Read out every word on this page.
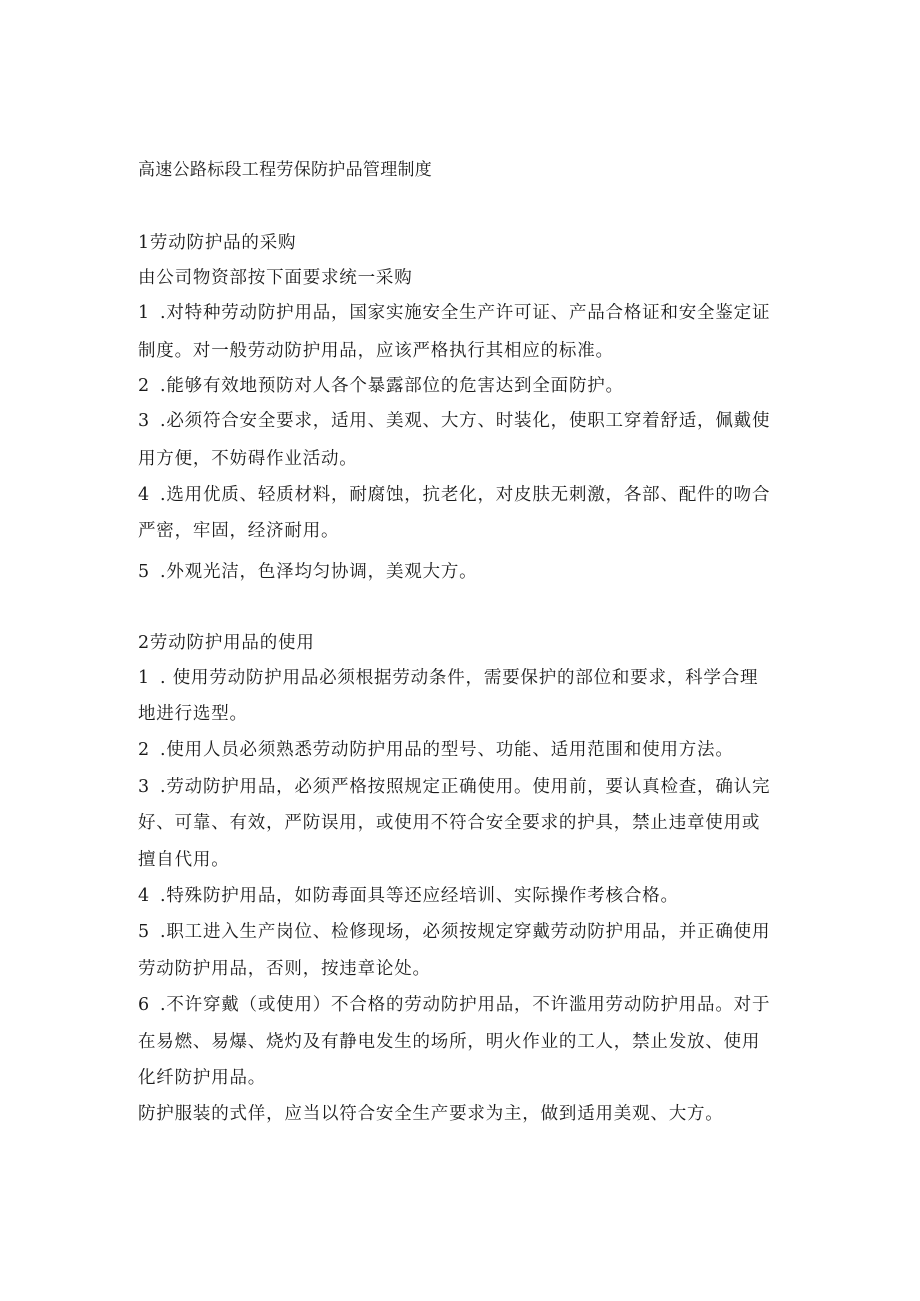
高速公路标段工程劳保防护品管理制度
1劳动防护品的采购
由公司物资部按下面要求统一采购
1 .对特种劳动防护用品，国家实施安全生产许可证、产品合格证和安全鉴定证
制度。对一般劳动防护用品，应该严格执行其相应的标准。
2 .能够有效地预防对人各个暴露部位的危害达到全面防护。
3 .必须符合安全要求，适用、美观、大方、时装化，使职工穿着舒适，佩戴使
用方便，不妨碍作业活动。
4 .选用优质、轻质材料，耐腐蚀，抗老化，对皮肤无刺激，各部、配件的吻合
严密，牢固，经济耐用。
5 .外观光洁，色泽均匀协调，美观大方。
2劳动防护用品的使用
1 . 使用劳动防护用品必须根据劳动条件，需要保护的部位和要求，科学合理
地进行选型。
2 .使用人员必须熟悉劳动防护用品的型号、功能、适用范围和使用方法。
3 .劳动防护用品，必须严格按照规定正确使用。使用前，要认真检查，确认完
好、可靠、有效，严防误用，或使用不符合安全要求的护具，禁止违章使用或
擅自代用。
4 .特殊防护用品，如防毒面具等还应经培训、实际操作考核合格。
5 .职工进入生产岗位、检修现场，必须按规定穿戴劳动防护用品，并正确使用
劳动防护用品，否则，按违章论处。
6 .不许穿戴（或使用）不合格的劳动防护用品，不许滥用劳动防护用品。对于
在易燃、易爆、烧灼及有静电发生的场所，明火作业的工人，禁止发放、使用
化纤防护用品。
防护服装的式佯，应当以符合安全生产要求为主，做到适用美观、大方。
